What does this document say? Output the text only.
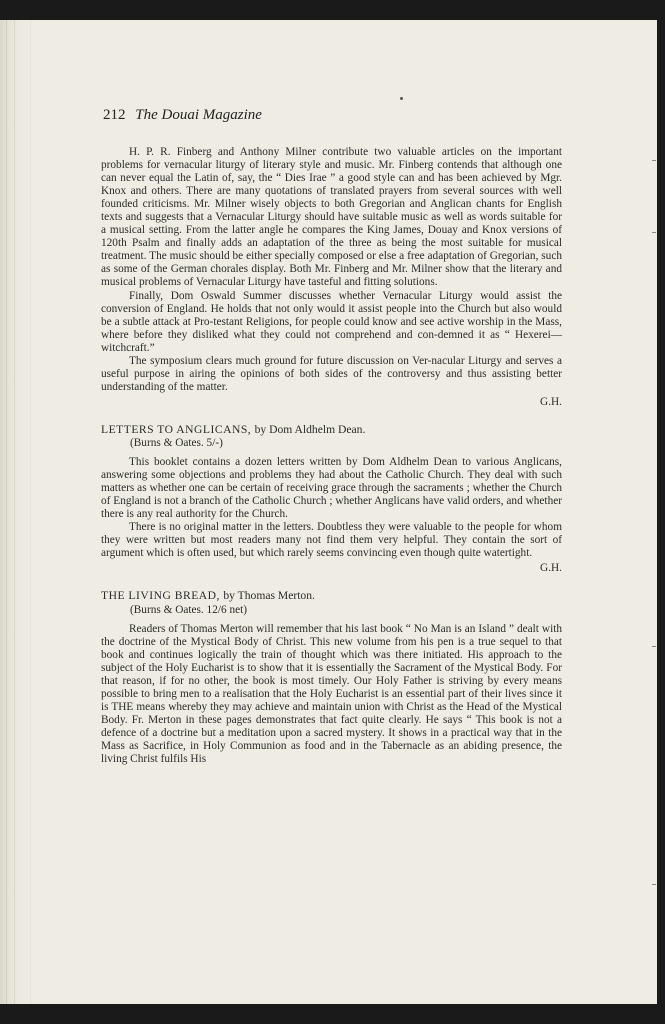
212 The Douai Magazine

H. P. R. Finberg and Anthony Milner contribute two valuable articles on the important problems for vernacular liturgy of literary style and music. Mr. Finberg contends that although one can never equal the Latin of, say, the “ Dies Irae ” a good style can and has been achieved by Mgr. Knox and others. There are many quotations of translated prayers from several sources with well founded criticisms. Mr. Milner wisely objects to both Gregorian and Anglican chants for English texts and suggests that a Vernacular Liturgy should have suitable music as well as words suitable for a musical setting. From the latter angle he compares the King James, Douay and Knox versions of 120th Psalm and finally adds an adaptation of the three as being the most suitable for musical treatment. The music should be either specially composed or else a free adaptation of Gregorian, such as some of the German chorales display. Both Mr. Finberg and Mr. Milner show that the literary and musical problems of Vernacular Liturgy have tasteful and fitting solutions.

Finally, Dom Oswald Summer discusses whether Vernacular Liturgy would assist the conversion of England. He holds that not only would it assist people into the Church but also would be a subtle attack at Pro-testant Religions, for people could know and see active worship in the Mass, where before they disliked what they could not comprehend and con-demned it as “ Hexerei—witchcraft.”

The symposium clears much ground for future discussion on Ver-nacular Liturgy and serves a useful purpose in airing the opinions of both sides of the controversy and thus assisting better understanding of the matter.

G.H.
LETTERS TO ANGLICANS, by Dom Aldhelm Dean.
(Burns & Oates. 5/-)

This booklet contains a dozen letters written by Dom Aldhelm Dean to various Anglicans, answering some objections and problems they had about the Catholic Church. They deal with such matters as whether one can be certain of receiving grace through the sacraments ; whether the Church of England is not a branch of the Catholic Church ; whether Anglicans have valid orders, and whether there is any real authority for the Church.

There is no original matter in the letters. Doubtless they were valuable to the people for whom they were written but most readers many not find them very helpful. They contain the sort of argument which is often used, but which rarely seems convincing even though quite watertight.

G.H.
THE LIVING BREAD, by Thomas Merton.
(Burns & Oates. 12/6 net)

Readers of Thomas Merton will remember that his last book “ No Man is an Island ” dealt with the doctrine of the Mystical Body of Christ. This new volume from his pen is a true sequel to that book and continues logically the train of thought which was there initiated. His approach to the subject of the Holy Eucharist is to show that it is essentially the Sacrament of the Mystical Body. For that reason, if for no other, the book is most timely. Our Holy Father is striving by every means possible to bring men to a realisation that the Holy Eucharist is an essential part of their lives since it is THE means whereby they may achieve and maintain union with Christ as the Head of the Mystical Body. Fr. Merton in these pages demonstrates that fact quite clearly. He says “ This book is not a defence of a doctrine but a meditation upon a sacred mystery. It shows in a practical way that in the Mass as Sacrifice, in Holy Communion as food and in the Tabernacle as an abiding presence, the living Christ fulfils His
